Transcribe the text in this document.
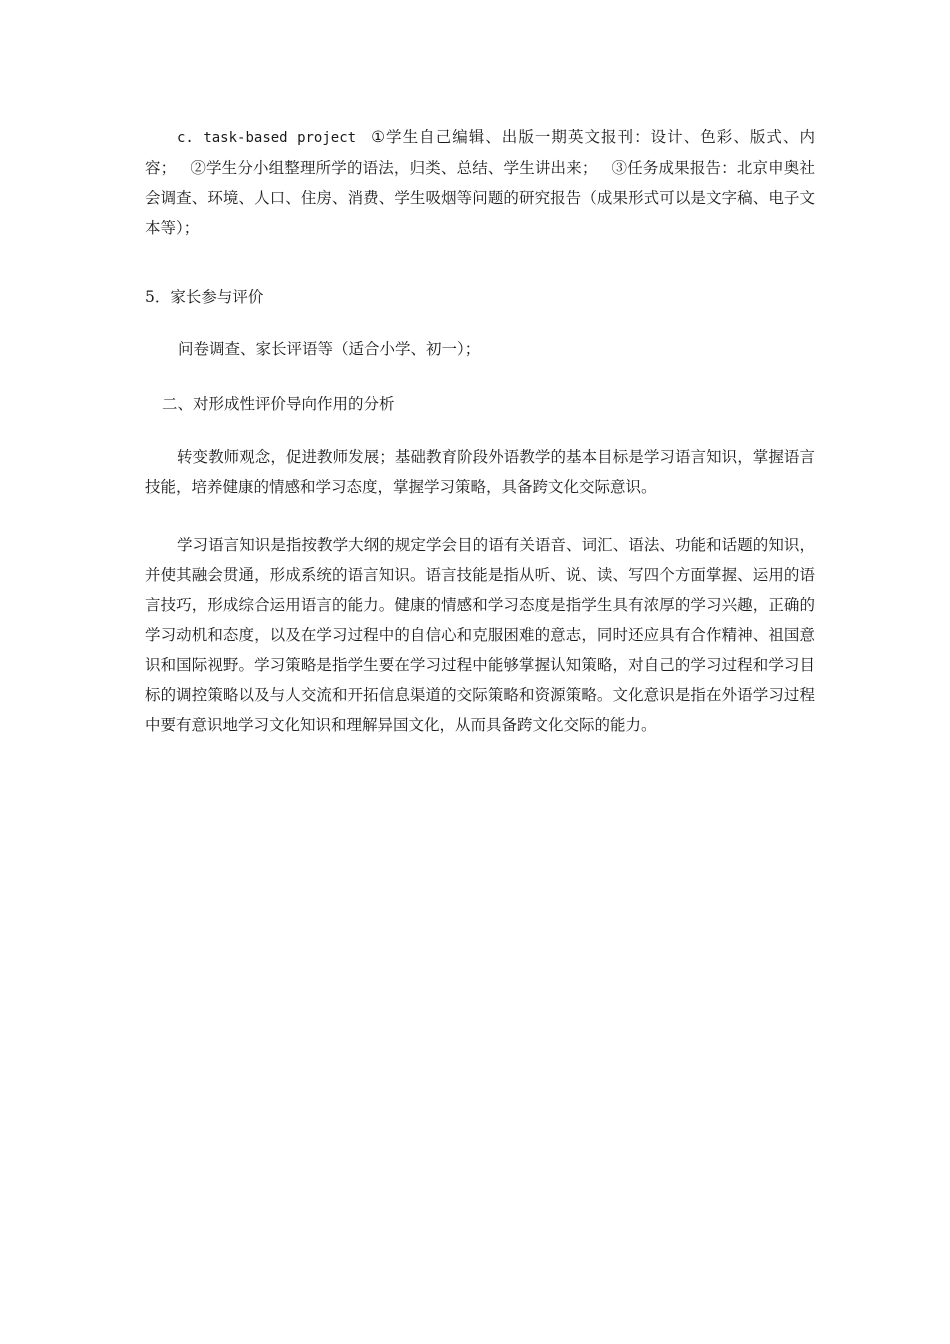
c. task-based project ①学生自己编辑、出版一期英文报刊：设计、色彩、版式、内容； ②学生分小组整理所学的语法，归类、总结、学生讲出来； ③任务成果报告：北京申奥社会调查、环境、人口、住房、消费、学生吸烟等问题的研究报告（成果形式可以是文字稿、电子文本等）；

5．家长参与评价

问卷调查、家长评语等（适合小学、初一）；

二、对形成性评价导向作用的分析

转变教师观念，促进教师发展；基础教育阶段外语教学的基本目标是学习语言知识，掌握语言技能，培养健康的情感和学习态度，掌握学习策略，具备跨文化交际意识。

学习语言知识是指按教学大纲的规定学会目的语有关语音、词汇、语法、功能和话题的知识，并使其融会贯通，形成系统的语言知识。语言技能是指从听、说、读、写四个方面掌握、运用的语言技巧，形成综合运用语言的能力。健康的情感和学习态度是指学生具有浓厚的学习兴趣，正确的学习动机和态度，以及在学习过程中的自信心和克服困难的意志，同时还应具有合作精神、祖国意识和国际视野。学习策略是指学生要在学习过程中能够掌握认知策略，对自己的学习过程和学习目标的调控策略以及与人交流和开拓信息渠道的交际策略和资源策略。文化意识是指在外语学习过程中要有意识地学习文化知识和理解异国文化，从而具备跨文化交际的能力。
